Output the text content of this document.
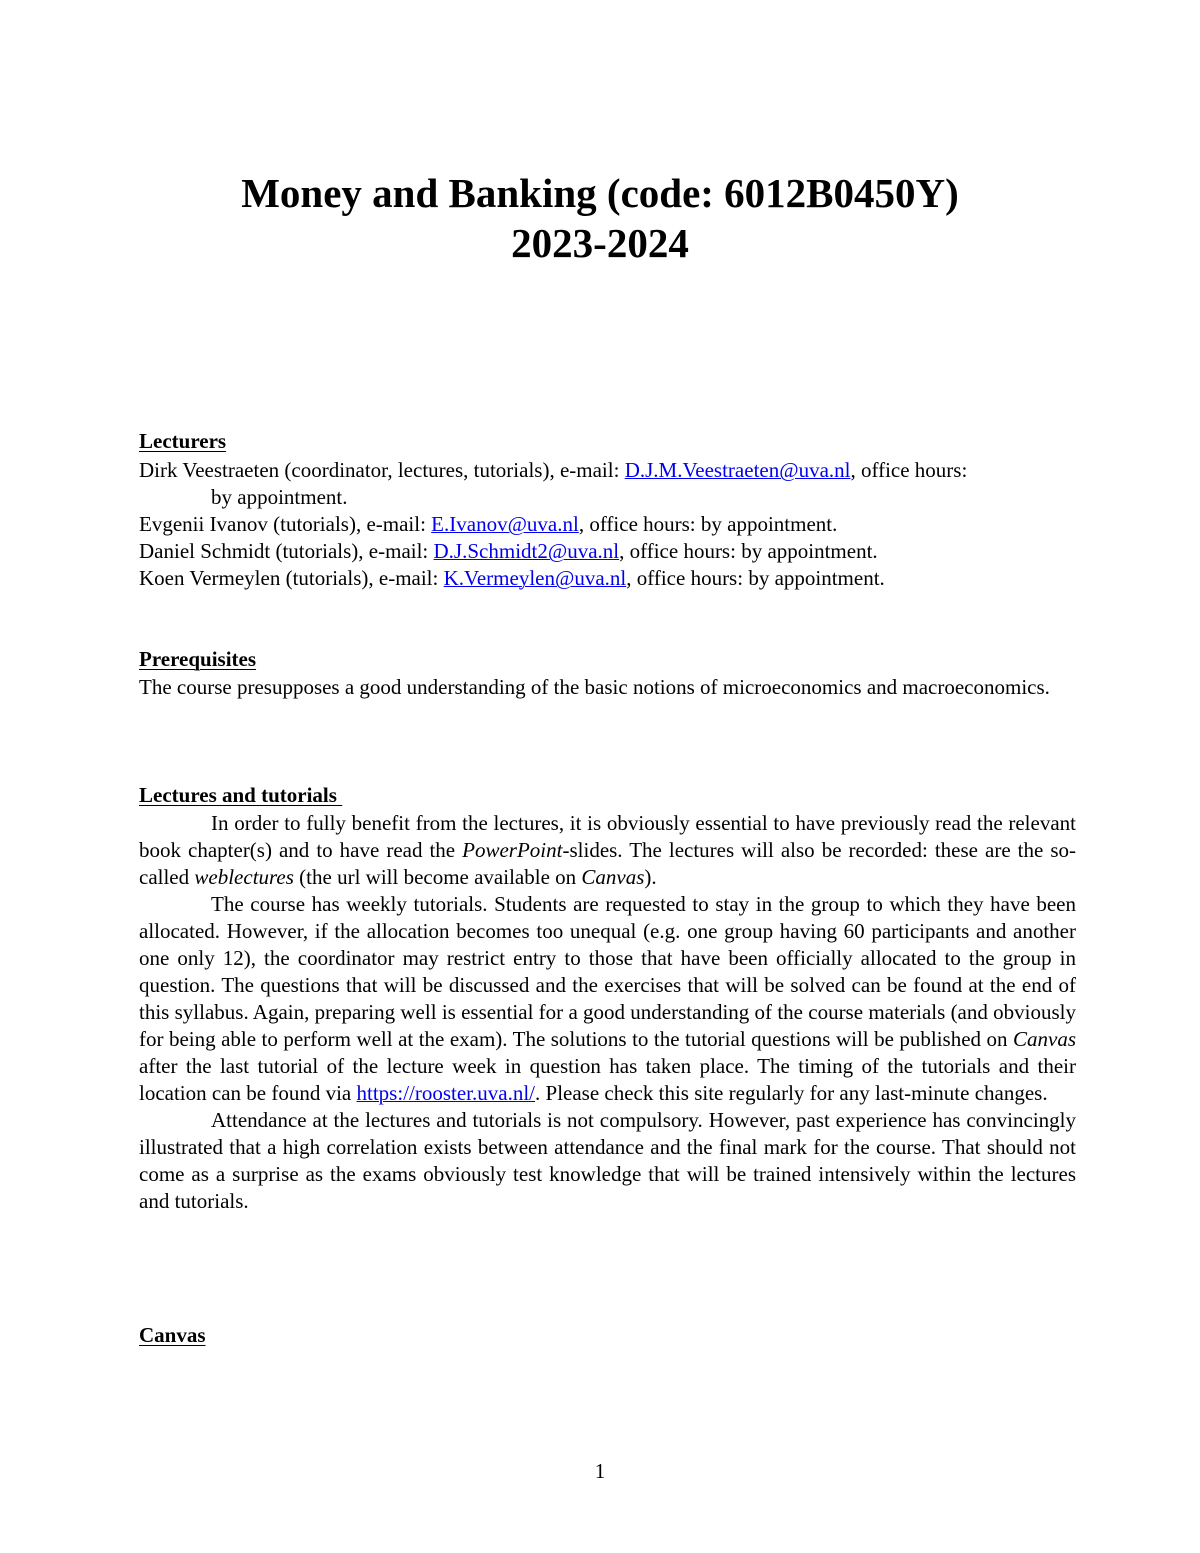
Money and Banking (code: 6012B0450Y)
2023-2024
Lecturers
Dirk Veestraeten (coordinator, lectures, tutorials), e-mail: D.J.M.Veestraeten@uva.nl, office hours:
by appointment.
Evgenii Ivanov (tutorials), e-mail: E.Ivanov@uva.nl, office hours: by appointment.
Daniel Schmidt (tutorials), e-mail: D.J.Schmidt2@uva.nl, office hours: by appointment.
Koen Vermeylen (tutorials), e-mail: K.Vermeylen@uva.nl, office hours: by appointment.
Prerequisites
The course presupposes a good understanding of the basic notions of microeconomics and macroeconomics.
Lectures and tutorials
In order to fully benefit from the lectures, it is obviously essential to have previously read the relevant book chapter(s) and to have read the PowerPoint-slides. The lectures will also be recorded: these are the so-called weblectures (the url will become available on Canvas).
The course has weekly tutorials. Students are requested to stay in the group to which they have been allocated. However, if the allocation becomes too unequal (e.g. one group having 60 participants and another one only 12), the coordinator may restrict entry to those that have been officially allocated to the group in question. The questions that will be discussed and the exercises that will be solved can be found at the end of this syllabus. Again, preparing well is essential for a good understanding of the course materials (and obviously for being able to perform well at the exam). The solutions to the tutorial questions will be published on Canvas after the last tutorial of the lecture week in question has taken place. The timing of the tutorials and their location can be found via https://rooster.uva.nl/. Please check this site regularly for any last-minute changes.
Attendance at the lectures and tutorials is not compulsory. However, past experience has convincingly illustrated that a high correlation exists between attendance and the final mark for the course. That should not come as a surprise as the exams obviously test knowledge that will be trained intensively within the lectures and tutorials.
Canvas
1
